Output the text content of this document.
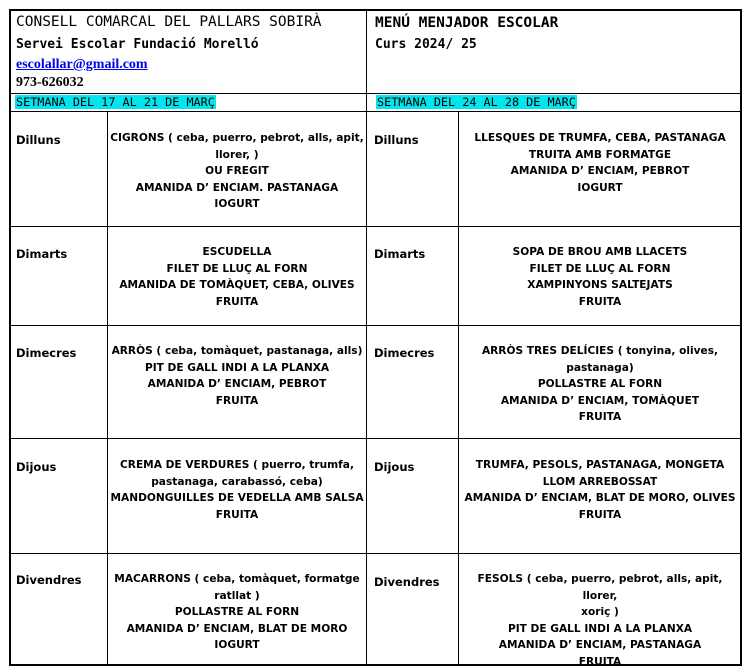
CONSELL COMARCAL DEL PALLARS SOBIRÀ
Servei Escolar Fundació Morelló
escolallar@gmail.com
973-626032
MENÚ MENJADOR ESCOLAR
Curs 2024/ 25
SETMANA DEL 17 AL 21 DE MARÇ	SETMANA DEL 24 AL 28 DE MARÇ
Dilluns
Dimarts
Dimecres
Dijous
Divendres
Dilluns
Dimarts
Dimecres
Dijous
Divendres
CIGRONS ( ceba, puerro, pebrot, alls, apit,
llorer, )
OU FREGIT
AMANIDA D’ ENCIAM. PASTANAGA
IOGURT
ESCUDELLA
FILET DE LLUÇ AL FORN
AMANIDA DE TOMÀQUET, CEBA, OLIVES
FRUITA
ARRÒS ( ceba, tomàquet, pastanaga, alls)
PIT DE GALL INDI A LA PLANXA
AMANIDA D’ ENCIAM, PEBROT
FRUITA
CREMA DE VERDURES ( puerro, trumfa,
pastanaga, carabassó, ceba)
MANDONGUILLES DE VEDELLA AMB SALSA
FRUITA
MACARRONS ( ceba, tomàquet, formatge
ratllat )
POLLASTRE AL FORN
AMANIDA D’ ENCIAM, BLAT DE MORO
IOGURT
LLESQUES DE TRUMFA, CEBA, PASTANAGA
TRUITA AMB FORMATGE
AMANIDA D’ ENCIAM, PEBROT
IOGURT
SOPA DE BROU AMB LLACETS
FILET DE LLUÇ AL FORN
XAMPINYONS SALTEJATS
FRUITA
ARRÒS TRES DELÍCIES ( tonyina, olives,
pastanaga)
POLLASTRE AL FORN
AMANIDA D’ ENCIAM, TOMÀQUET
FRUITA
TRUMFA, PESOLS, PASTANAGA, MONGETA
LLOM ARREBOSSAT
AMANIDA D’ ENCIAM, BLAT DE MORO, OLIVES
FRUITA
FESOLS ( ceba, puerro, pebrot, alls, apit, llorer,
xoriç )
PIT DE GALL INDI A LA PLANXA
AMANIDA D’ ENCIAM, PASTANAGA
FRUITA
